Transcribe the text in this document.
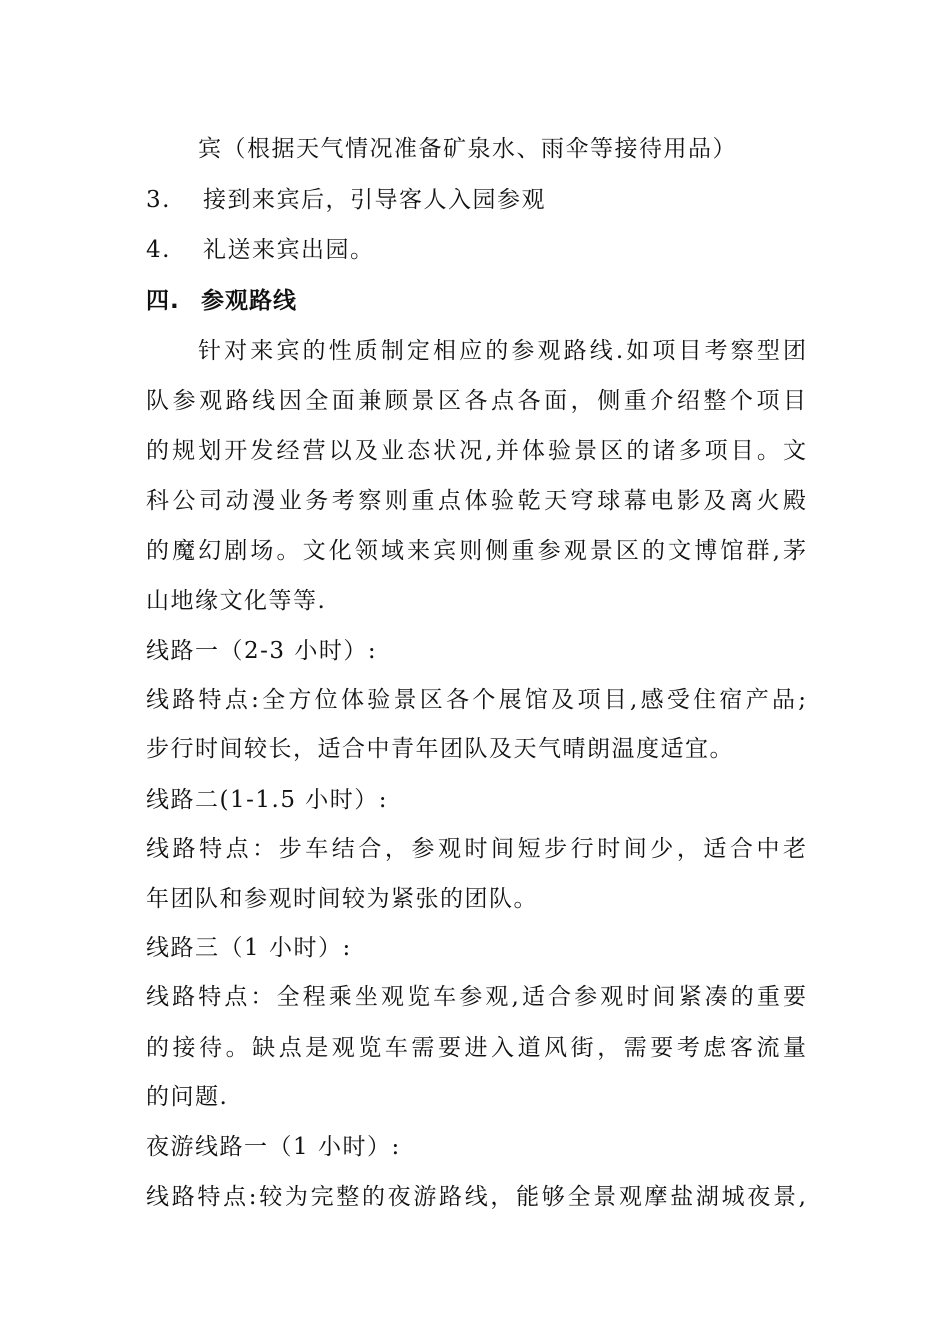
宾（根据天气情况准备矿泉水、雨伞等接待用品）
3. 接到来宾后，引导客人入园参观
4. 礼送来宾出园。
四. 参观路线
针对来宾的性质制定相应的参观路线.如项目考察型团
队参观路线因全面兼顾景区各点各面，侧重介绍整个项目
的规划开发经营以及业态状况,并体验景区的诸多项目。文
科公司动漫业务考察则重点体验乾天穹球幕电影及离火殿
的魔幻剧场。文化领域来宾则侧重参观景区的文博馆群,茅
山地缘文化等等.
线路一（2-3 小时）:
线路特点:全方位体验景区各个展馆及项目,感受住宿产品;
步行时间较长，适合中青年团队及天气晴朗温度适宜。
线路二(1-1.5 小时）:
线路特点：步车结合，参观时间短步行时间少，适合中老
年团队和参观时间较为紧张的团队。
线路三（1 小时）:
线路特点：全程乘坐观览车参观,适合参观时间紧凑的重要
的接待。缺点是观览车需要进入道风街，需要考虑客流量
的问题.
夜游线路一（1 小时）:
线路特点:较为完整的夜游路线，能够全景观摩盐湖城夜景,
